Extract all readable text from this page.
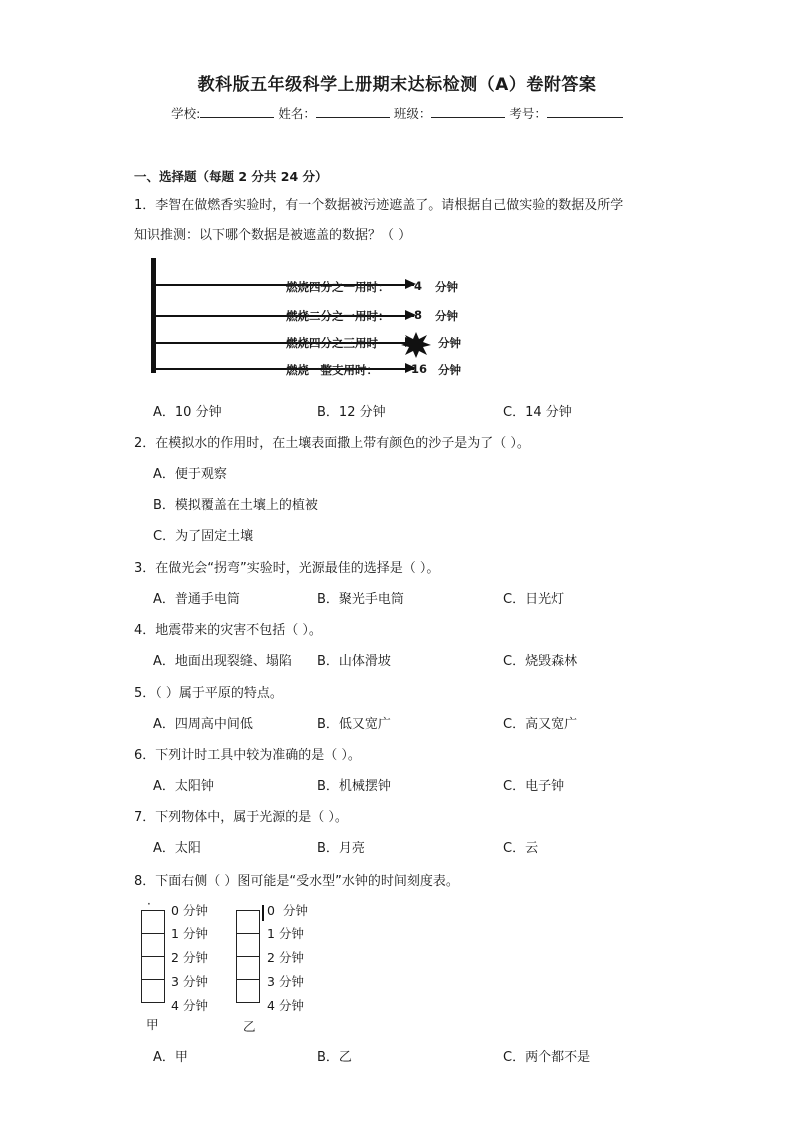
教科版五年级科学上册期末达标检测（A）卷附答案
学校:	姓名：	班级：	考号：
一、选择题（每题 2 分共 24 分）
1．李智在做燃香实验时，有一个数据被污迹遮盖了。请根据自己做实验的数据及所学
知识推测：以下哪个数据是被遮盖的数据？（ ）
燃烧四分之一用时： 4 分钟
燃烧二分之一用时： 8 分钟
燃烧四分之三用时	分钟
燃烧一整支用时：	16 分钟
A．10 分钟	B．12 分钟	C．14 分钟
2．在模拟水的作用时，在土壤表面撒上带有颜色的沙子是为了（ ）。
A．便于观察
B．模拟覆盖在土壤上的植被
C．为了固定土壤
3．在做光会“拐弯”实验时，光源最佳的选择是（ ）。
A．普通手电筒	B．聚光手电筒	C．日光灯
4．地震带来的灾害不包括（ ）。
A．地面出现裂缝、塌陷 B．山体滑坡	C．烧毁森林
5．（ ）属于平原的特点。
A．四周高中间低	B．低又宽广	C．高又宽广
6．下列计时工具中较为准确的是（ ）。
A．太阳钟	B．机械摆钟	C．电子钟
7．下列物体中，属于光源的是（ ）。
A．太阳	B．月亮	C．云
8．下面右侧（ ）图可能是“受水型”水钟的时间刻度表。
· 0 分钟
1 分钟
2 分钟
3 分钟
4 分钟
甲
0  分钟
1 分钟
2 分钟
3 分钟
4 分钟
乙
A．甲	B．乙	C．两个都不是
